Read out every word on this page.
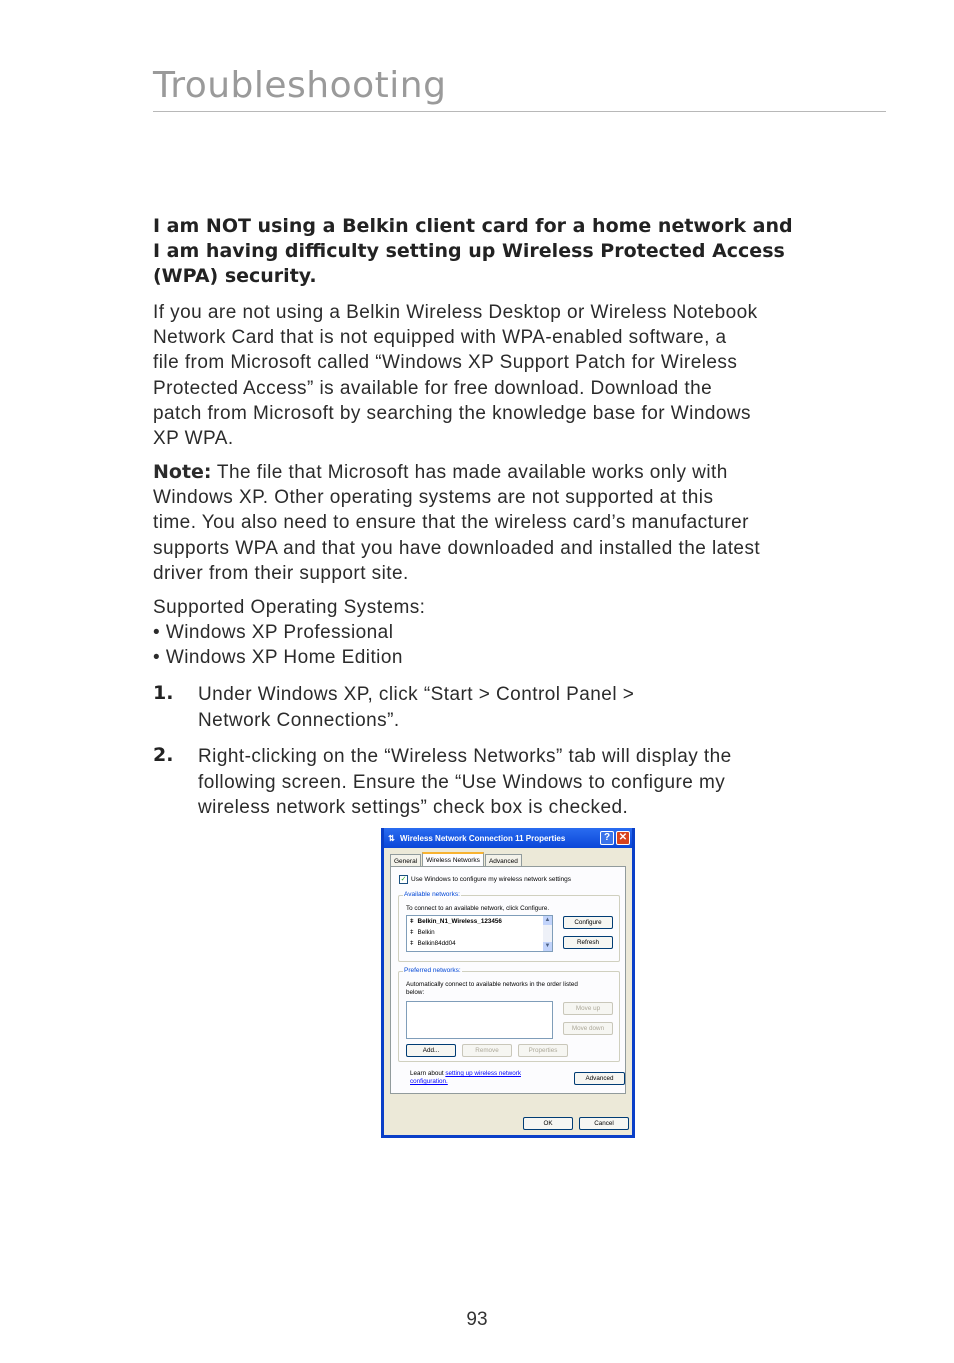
Troubleshooting
I am NOT using a Belkin client card for a home network and
I am having difficulty setting up Wireless Protected Access
(WPA) security.
If you are not using a Belkin Wireless Desktop or Wireless Notebook
Network Card that is not equipped with WPA-enabled software, a
file from Microsoft called “Windows XP Support Patch for Wireless
Protected Access” is available for free download. Download the
patch from Microsoft by searching the knowledge base for Windows
XP WPA.
Note: The file that Microsoft has made available works only with
Windows XP. Other operating systems are not supported at this
time. You also need to ensure that the wireless card’s manufacturer
supports WPA and that you have downloaded and installed the latest
driver from their support site.
Supported Operating Systems:
• Windows XP Professional
• Windows XP Home Edition
1. Under Windows XP, click “Start > Control Panel >
Network Connections”.
2. Right-clicking on the “Wireless Networks” tab will display the
following screen. Ensure the “Use Windows to configure my
wireless network settings” check box is checked.
⇅ Wireless Network Connection 11 Properties	? ✕
General	Wireless Networks	Advanced
✓ Use Windows to configure my wireless network settings
Available networks:
To connect to an available network, click Configure.
ǂ Belkin_N1_Wireless_123456
ǂ Belkin
ǂ Belkin84dd04
▲
▼
Configure
Refresh
Preferred networks:
Automatically connect to available networks in the order listed
below:
Move up
Move down
Add...	Remove	Properties
Learn about setting up wireless network
configuration.	Advanced
OK	Cancel
93
